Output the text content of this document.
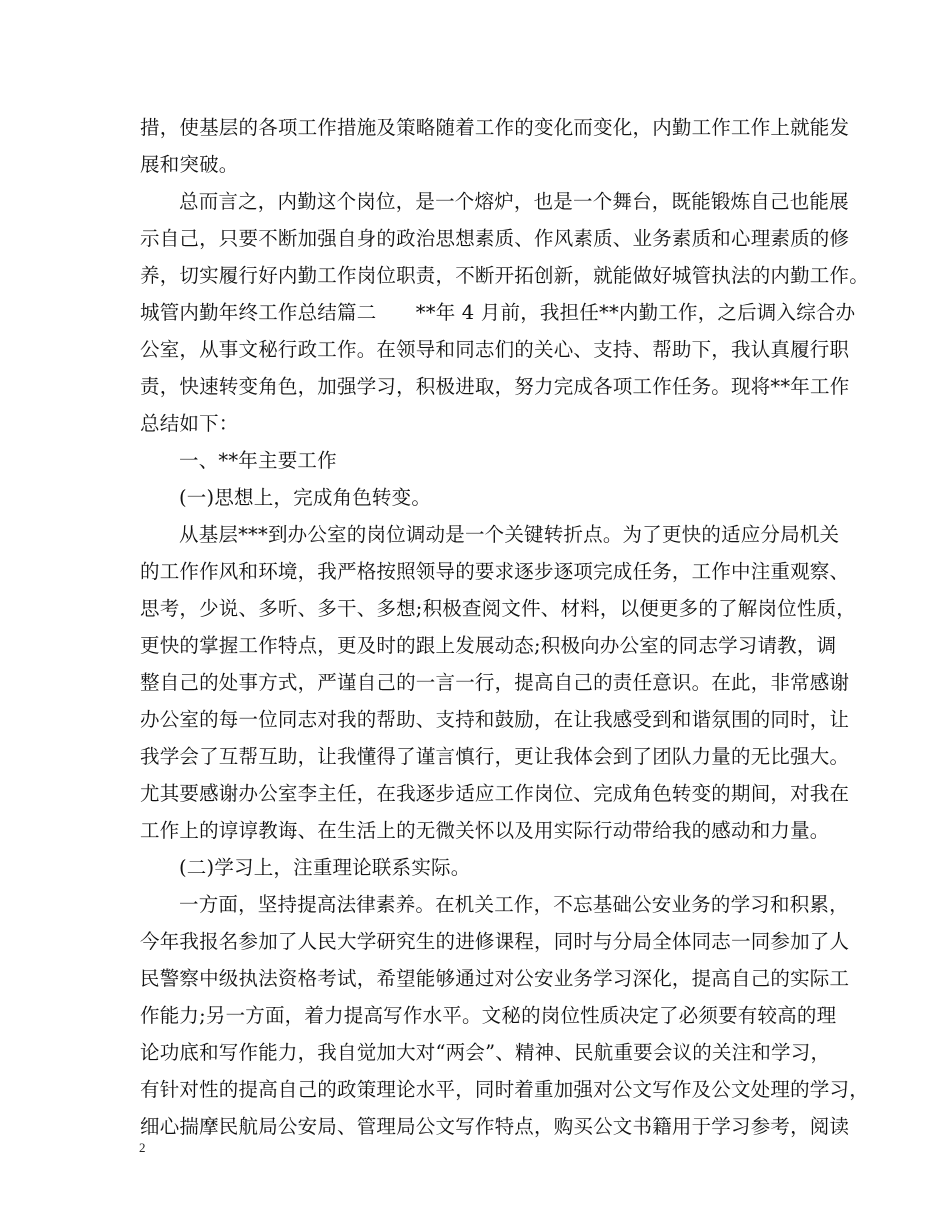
措，使基层的各项工作措施及策略随着工作的变化而变化，内勤工作工作上就能发
展和突破。
总而言之，内勤这个岗位，是一个熔炉，也是一个舞台，既能锻炼自己也能展
示自己，只要不断加强自身的政治思想素质、作风素质、业务素质和心理素质的修
养，切实履行好内勤工作岗位职责，不断开拓创新，就能做好城管执法的内勤工作。
城管内勤年终工作总结篇二　　**年 4 月前，我担任**内勤工作，之后调入综合办
公室，从事文秘行政工作。在领导和同志们的关心、支持、帮助下，我认真履行职
责，快速转变角色，加强学习，积极进取，努力完成各项工作任务。现将**年工作
总结如下：
一、**年主要工作
(一)思想上，完成角色转变。
从基层***到办公室的岗位调动是一个关键转折点。为了更快的适应分局机关
的工作作风和环境，我严格按照领导的要求逐步逐项完成任务，工作中注重观察、
思考，少说、多听、多干、多想;积极查阅文件、材料，以便更多的了解岗位性质，
更快的掌握工作特点，更及时的跟上发展动态;积极向办公室的同志学习请教，调
整自己的处事方式，严谨自己的一言一行，提高自己的责任意识。在此，非常感谢
办公室的每一位同志对我的帮助、支持和鼓励，在让我感受到和谐氛围的同时，让
我学会了互帮互助，让我懂得了谨言慎行，更让我体会到了团队力量的无比强大。
尤其要感谢办公室李主任，在我逐步适应工作岗位、完成角色转变的期间，对我在
工作上的谆谆教诲、在生活上的无微关怀以及用实际行动带给我的感动和力量。
(二)学习上，注重理论联系实际。
一方面，坚持提高法律素养。在机关工作，不忘基础公安业务的学习和积累，
今年我报名参加了人民大学研究生的进修课程，同时与分局全体同志一同参加了人
民警察中级执法资格考试，希望能够通过对公安业务学习深化，提高自己的实际工
作能力;另一方面，着力提高写作水平。文秘的岗位性质决定了必须要有较高的理
论功底和写作能力，我自觉加大对“两会”、精神、民航重要会议的关注和学习，
有针对性的提高自己的政策理论水平，同时着重加强对公文写作及公文处理的学习，
细心揣摩民航局公安局、管理局公文写作特点，购买公文书籍用于学习参考，阅读
2
